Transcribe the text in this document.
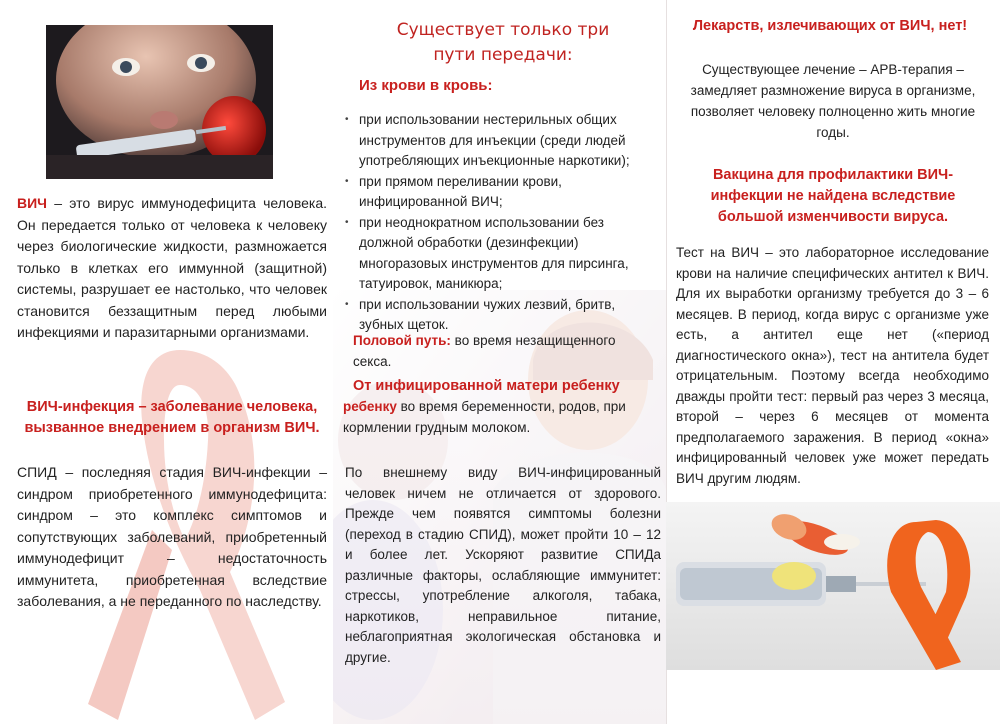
ВИЧ – это вирус иммунодефицита человека. Он передается только от человека к человеку через биологические жидкости, размножается только в клетках его иммунной (защитной) системы, разрушает ее настолько, что человек становится беззащитным перед любыми инфекциями и паразитарными организмами.

ВИЧ-инфекция – заболевание человека, вызванное внедрением в организм ВИЧ.

СПИД – последняя стадия ВИЧ-инфекции – синдром приобретенного иммунодефицита: синдром – это комплекс симптомов и сопутствующих заболеваний, приобретенный иммунодефицит – недостаточность иммунитета, приобретенная вследствие заболевания, а не переданного по наследству.

Существует только три пути передачи:

Из крови в кровь:

• при использовании нестерильных общих инструментов для инъекции (среди людей употребляющих инъекционные наркотики);
• при прямом переливании крови, инфицированной ВИЧ;
• при неоднократном использовании без должной обработки (дезинфекции) многоразовых инструментов для пирсинга, татуировок, маникюра;
• при использовании чужих лезвий, бритв, зубных щеток.

Половой путь: во время незащищенного секса.

От инфицированной матери ребенку

ребенку во время беременности, родов, при кормлении грудным молоком.

По внешнему виду ВИЧ-инфицированный человек ничем не отличается от здорового. Прежде чем появятся симптомы болезни (переход в стадию СПИД), может пройти 10 – 12 и более лет. Ускоряют развитие СПИДа различные факторы, ослабляющие иммунитет: стрессы, употребление алкоголя, табака, наркотиков, неправильное питание, неблагоприятная экологическая обстановка и другие.

Лекарств, излечивающих от ВИЧ, нет!

Существующее лечение – АРВ-терапия – замедляет размножение вируса в организме, позволяет человеку полноценно жить многие годы.

Вакцина для профилактики ВИЧ-инфекции не найдена вследствие большой изменчивости вируса.

Тест на ВИЧ – это лабораторное исследование крови на наличие специфических антител к ВИЧ. Для их выработки организму требуется до 3 – 6 месяцев. В период, когда вирус с организме уже есть, а антител еще нет («период диагностического окна»), тест на антитела будет отрицательным. Поэтому всегда необходимо дважды пройти тест: первый раз через 3 месяца, второй – через 6 месяцев от момента предполагаемого заражения. В период «окна» инфицированный человек уже может передать ВИЧ другим людям.
